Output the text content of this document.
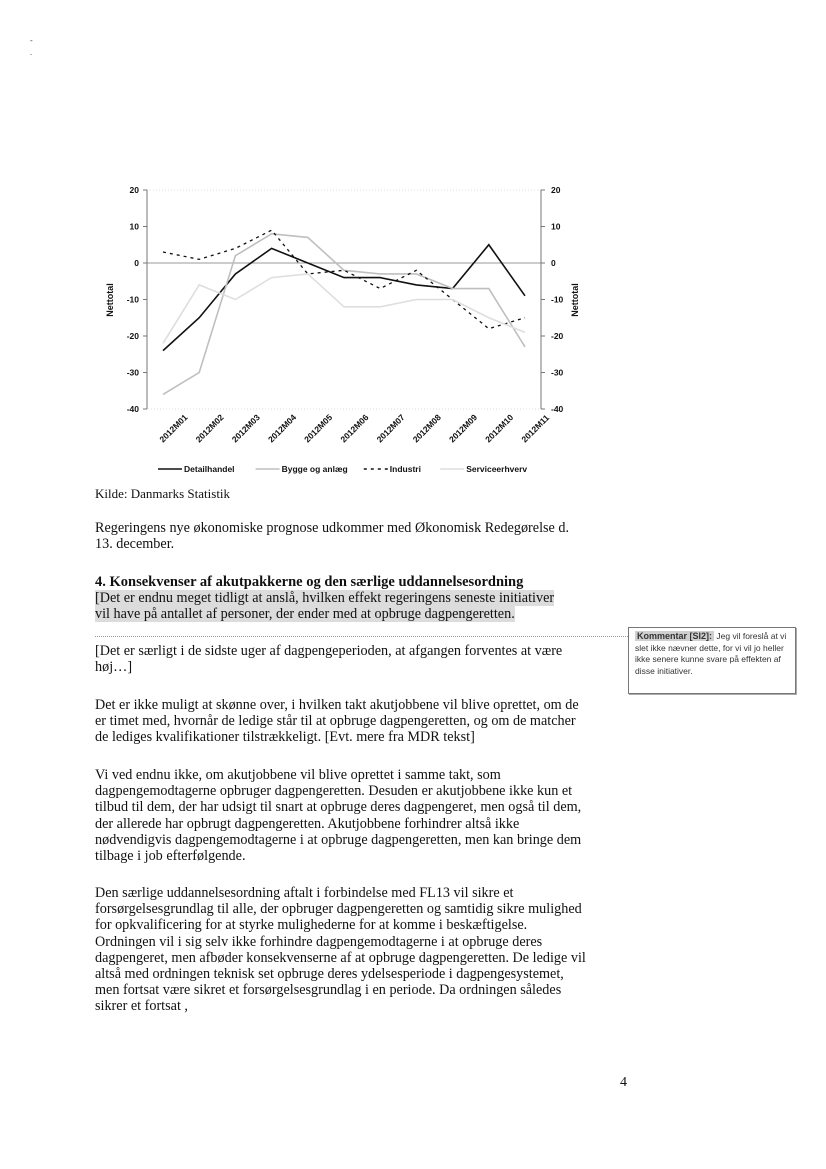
-
.
20	20
10	10
0	0
-10	-10
-20	-20
-30	-30
-40	-40
2012M01 2012M02 2012M03 2012M04 2012M05 2012M06 2012M07 2012M08 2012M09 2012M10 2012M11
Nettotal	Nettotal
Detailhandel	Bygge og anlæg	Industri	Serviceerhverv
Kilde: Danmarks Statistik
Regeringens nye økonomiske prognose udkommer med Økonomisk Redegørelse d. 13. december.
4. Konsekvenser af akutpakkerne og den særlige uddannelsesordning
[Det er endnu meget tidligt at anslå, hvilken effekt regeringens seneste initiativer
vil have på antallet af personer, der ender med at opbruge dagpengeretten.
Kommentar [SI2]: Jeg vil foreslå at vi slet ikke nævner dette, for vi vil jo heller ikke senere kunne svare på effekten af disse initiativer.
[Det er særligt i de sidste uger af dagpengeperioden, at afgangen forventes at være høj…]
Det er ikke muligt at skønne over, i hvilken takt akutjobbene vil blive oprettet, om de er timet med, hvornår de ledige står til at opbruge dagpengeretten, og om de matcher de lediges kvalifikationer tilstrækkeligt. [Evt. mere fra MDR tekst]
Vi ved endnu ikke, om akutjobbene vil blive oprettet i samme takt, som dagpengemodtagerne opbruger dagpengeretten. Desuden er akutjobbene ikke kun et tilbud til dem, der har udsigt til snart at opbruge deres dagpengeret, men også til dem, der allerede har opbrugt dagpengeretten. Akutjobbene forhindrer altså ikke nødvendigvis dagpengemodtagerne i at opbruge dagpengeretten, men kan bringe dem tilbage i job efterfølgende.
Den særlige uddannelsesordning aftalt i forbindelse med FL13 vil sikre et forsørgelsesgrundlag til alle, der opbruger dagpengeretten og samtidig sikre mulighed for opkvalificering for at styrke mulighederne for at komme i beskæftigelse. Ordningen vil i sig selv ikke forhindre dagpengemodtagerne i at opbruge deres dagpengeret, men afbøder konsekvenserne af at opbruge dagpengeretten. De ledige vil altså med ordningen teknisk set opbruge deres ydelsesperiode i dagpengesystemet, men fortsat være sikret et forsørgelsesgrundlag i en periode. Da ordningen således sikrer et fortsat ,
4
